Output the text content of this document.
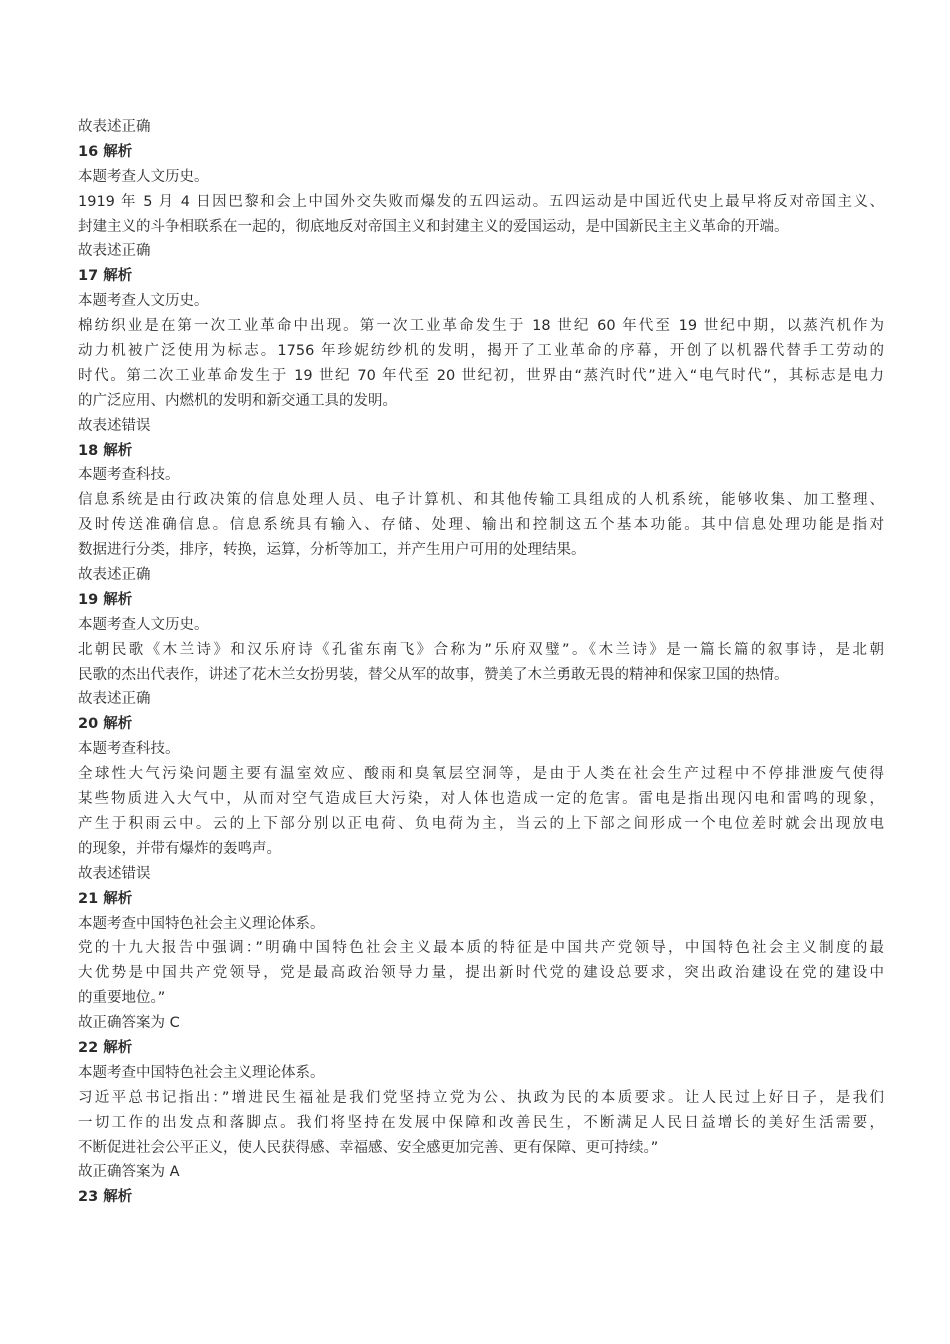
故表述正确
16 解析
本题考查人文历史。
1919 年 5 月 4 日因巴黎和会上中国外交失败而爆发的五四运动。五四运动是中国近代史上最早将反对帝国主义、
封建主义的斗争相联系在一起的，彻底地反对帝国主义和封建主义的爱国运动，是中国新民主主义革命的开端。
故表述正确
17 解析
本题考查人文历史。
棉纺织业是在第一次工业革命中出现。第一次工业革命发生于 18 世纪 60 年代至 19 世纪中期，以蒸汽机作为
动力机被广泛使用为标志。1756 年珍妮纺纱机的发明，揭开了工业革命的序幕，开创了以机器代替手工劳动的
时代。第二次工业革命发生于 19 世纪 70 年代至 20 世纪初，世界由“蒸汽时代”进入“电气时代”，其标志是电力
的广泛应用、内燃机的发明和新交通工具的发明。
故表述错误
18 解析
本题考查科技。
信息系统是由行政决策的信息处理人员、电子计算机、和其他传输工具组成的人机系统，能够收集、加工整理、
及时传送准确信息。信息系统具有输入、存储、处理、输出和控制这五个基本功能。其中信息处理功能是指对
数据进行分类，排序，转换，运算，分析等加工，并产生用户可用的处理结果。
故表述正确
19 解析
本题考查人文历史。
北朝民歌《木兰诗》和汉乐府诗《孔雀东南飞》合称为”乐府双璧”。《木兰诗》是一篇长篇的叙事诗，是北朝
民歌的杰出代表作，讲述了花木兰女扮男装，替父从军的故事，赞美了木兰勇敢无畏的精神和保家卫国的热情。
故表述正确
20 解析
本题考查科技。
全球性大气污染问题主要有温室效应、酸雨和臭氧层空洞等，是由于人类在社会生产过程中不停排泄废气使得
某些物质进入大气中，从而对空气造成巨大污染，对人体也造成一定的危害。雷电是指出现闪电和雷鸣的现象，
产生于积雨云中。云的上下部分别以正电荷、负电荷为主，当云的上下部之间形成一个电位差时就会出现放电
的现象，并带有爆炸的轰鸣声。
故表述错误
21 解析
本题考查中国特色社会主义理论体系。
党的十九大报告中强调：”明确中国特色社会主义最本质的特征是中国共产党领导，中国特色社会主义制度的最
大优势是中国共产党领导，党是最高政治领导力量，提出新时代党的建设总要求，突出政治建设在党的建设中
的重要地位。”
故正确答案为 C
22 解析
本题考查中国特色社会主义理论体系。
习近平总书记指出：”增进民生福祉是我们党坚持立党为公、执政为民的本质要求。让人民过上好日子，是我们
一切工作的出发点和落脚点。我们将坚持在发展中保障和改善民生，不断满足人民日益增长的美好生活需要，
不断促进社会公平正义，使人民获得感、幸福感、安全感更加完善、更有保障、更可持续。”
故正确答案为 A
23 解析
